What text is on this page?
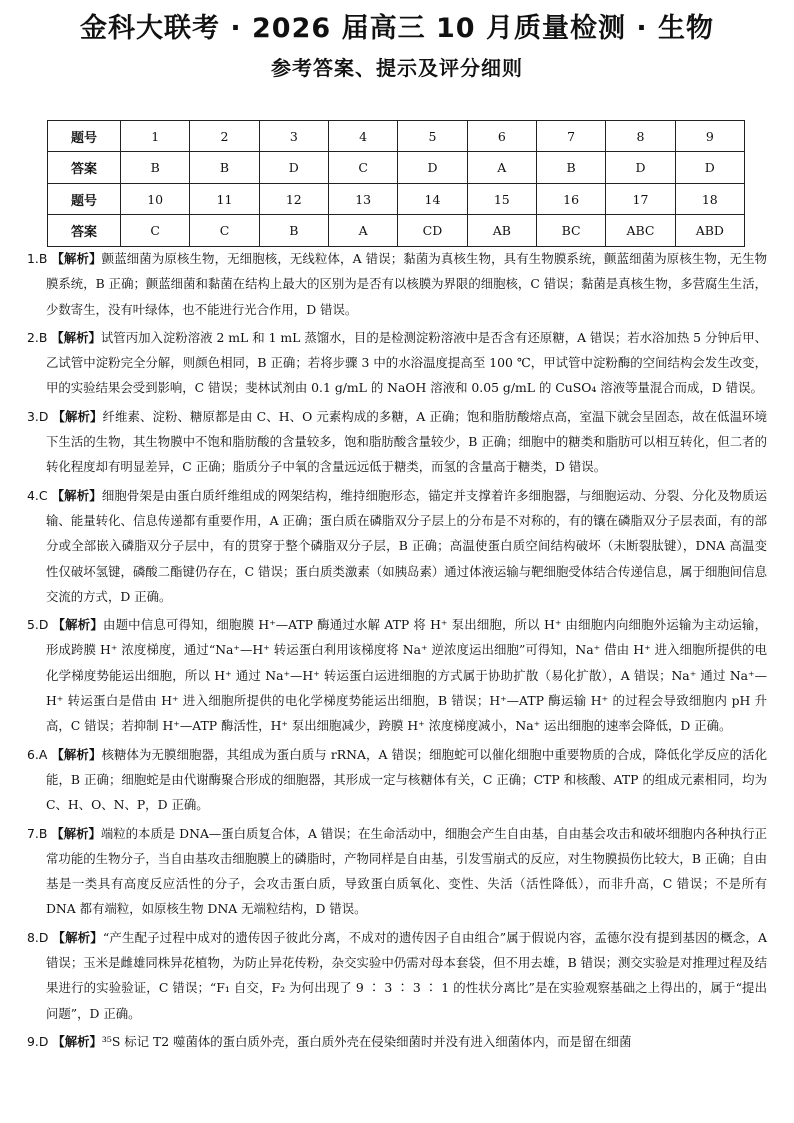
金科大联考 · 2026 届高三 10 月质量检测 · 生物
参考答案、提示及评分细则
题号	1	2	3	4	5	6	7	8	9
答案	B	B	D	C	D	A	B	D	D
题号	10	11	12	13	14	15	16	17	18
答案	C	C	B	A	CD	AB	BC	ABC	ABD

1.B 【解析】颤蓝细菌为原核生物，无细胞核，无线粒体，A 错误；黏菌为真核生物，具有生物膜系统，颤蓝细菌为原核生物，无生物膜系统，B 正确；颤蓝细菌和黏菌在结构上最大的区别为是否有以核膜为界限的细胞核，C 错误；黏菌是真核生物，多营腐生生活，少数寄生，没有叶绿体，也不能进行光合作用，D 错误。

2.B 【解析】试管丙加入淀粉溶液 2 mL 和 1 mL 蒸馏水，目的是检测淀粉溶液中是否含有还原糖，A 错误；若水浴加热 5 分钟后甲、乙试管中淀粉完全分解，则颜色相同，B 正确；若将步骤 3 中的水浴温度提高至 100 ℃，甲试管中淀粉酶的空间结构会发生改变，甲的实验结果会受到影响，C 错误；斐林试剂由 0.1 g/mL 的 NaOH 溶液和 0.05 g/mL 的 CuSO₄ 溶液等量混合而成，D 错误。

3.D 【解析】纤维素、淀粉、糖原都是由 C、H、O 元素构成的多糖，A 正确；饱和脂肪酸熔点高，室温下就会呈固态，故在低温环境下生活的生物，其生物膜中不饱和脂肪酸的含量较多，饱和脂肪酸含量较少，B 正确；细胞中的糖类和脂肪可以相互转化，但二者的转化程度却有明显差异，C 正确；脂质分子中氧的含量远远低于糖类，而氢的含量高于糖类，D 错误。

4.C 【解析】细胞骨架是由蛋白质纤维组成的网架结构，维持细胞形态，锚定并支撑着许多细胞器，与细胞运动、分裂、分化及物质运输、能量转化、信息传递都有重要作用，A 正确；蛋白质在磷脂双分子层上的分布是不对称的，有的镶在磷脂双分子层表面，有的部分或全部嵌入磷脂双分子层中，有的贯穿于整个磷脂双分子层，B 正确；高温使蛋白质空间结构破坏（未断裂肽键），DNA 高温变性仅破坏氢键，磷酸二酯键仍存在，C 错误；蛋白质类激素（如胰岛素）通过体液运输与靶细胞受体结合传递信息，属于细胞间信息交流的方式，D 正确。

5.D 【解析】由题中信息可得知，细胞膜 H⁺—ATP 酶通过水解 ATP 将 H⁺ 泵出细胞，所以 H⁺ 由细胞内向细胞外运输为主动运输，形成跨膜 H⁺ 浓度梯度，通过“Na⁺—H⁺ 转运蛋白利用该梯度将 Na⁺ 逆浓度运出细胞”可得知，Na⁺ 借由 H⁺ 进入细胞所提供的电化学梯度势能运出细胞，所以 H⁺ 通过 Na⁺—H⁺ 转运蛋白运进细胞的方式属于协助扩散（易化扩散），A 错误；Na⁺ 通过 Na⁺—H⁺ 转运蛋白是借由 H⁺ 进入细胞所提供的电化学梯度势能运出细胞，B 错误；H⁺—ATP 酶运输 H⁺ 的过程会导致细胞内 pH 升高，C 错误；若抑制 H⁺—ATP 酶活性，H⁺ 泵出细胞减少，跨膜 H⁺ 浓度梯度减小，Na⁺ 运出细胞的速率会降低，D 正确。

6.A 【解析】核糖体为无膜细胞器，其组成为蛋白质与 rRNA，A 错误；细胞蛇可以催化细胞中重要物质的合成，降低化学反应的活化能，B 正确；细胞蛇是由代谢酶聚合形成的细胞器，其形成一定与核糖体有关，C 正确；CTP 和核酸、ATP 的组成元素相同，均为 C、H、O、N、P，D 正确。

7.B 【解析】端粒的本质是 DNA—蛋白质复合体，A 错误；在生命活动中，细胞会产生自由基，自由基会攻击和破坏细胞内各种执行正常功能的生物分子，当自由基攻击细胞膜上的磷脂时，产物同样是自由基，引发雪崩式的反应，对生物膜损伤比较大，B 正确；自由基是一类具有高度反应活性的分子，会攻击蛋白质，导致蛋白质氧化、变性、失活（活性降低），而非升高，C 错误；不是所有 DNA 都有端粒，如原核生物 DNA 无端粒结构，D 错误。

8.D 【解析】“产生配子过程中成对的遗传因子彼此分离，不成对的遗传因子自由组合”属于假说内容，孟德尔没有提到基因的概念，A 错误；玉米是雌雄同株异花植物，为防止异花传粉，杂交实验中仍需对母本套袋，但不用去雄，B 错误；测交实验是对推理过程及结果进行的实验验证，C 错误；“F₁ 自交，F₂ 为何出现了 9 ∶ 3 ∶ 3 ∶ 1 的性状分离比”是在实验观察基础之上得出的，属于“提出问题”，D 正确。

9.D 【解析】³⁵S 标记 T2 噬菌体的蛋白质外壳，蛋白质外壳在侵染细菌时并没有进入细菌体内，而是留在细菌
